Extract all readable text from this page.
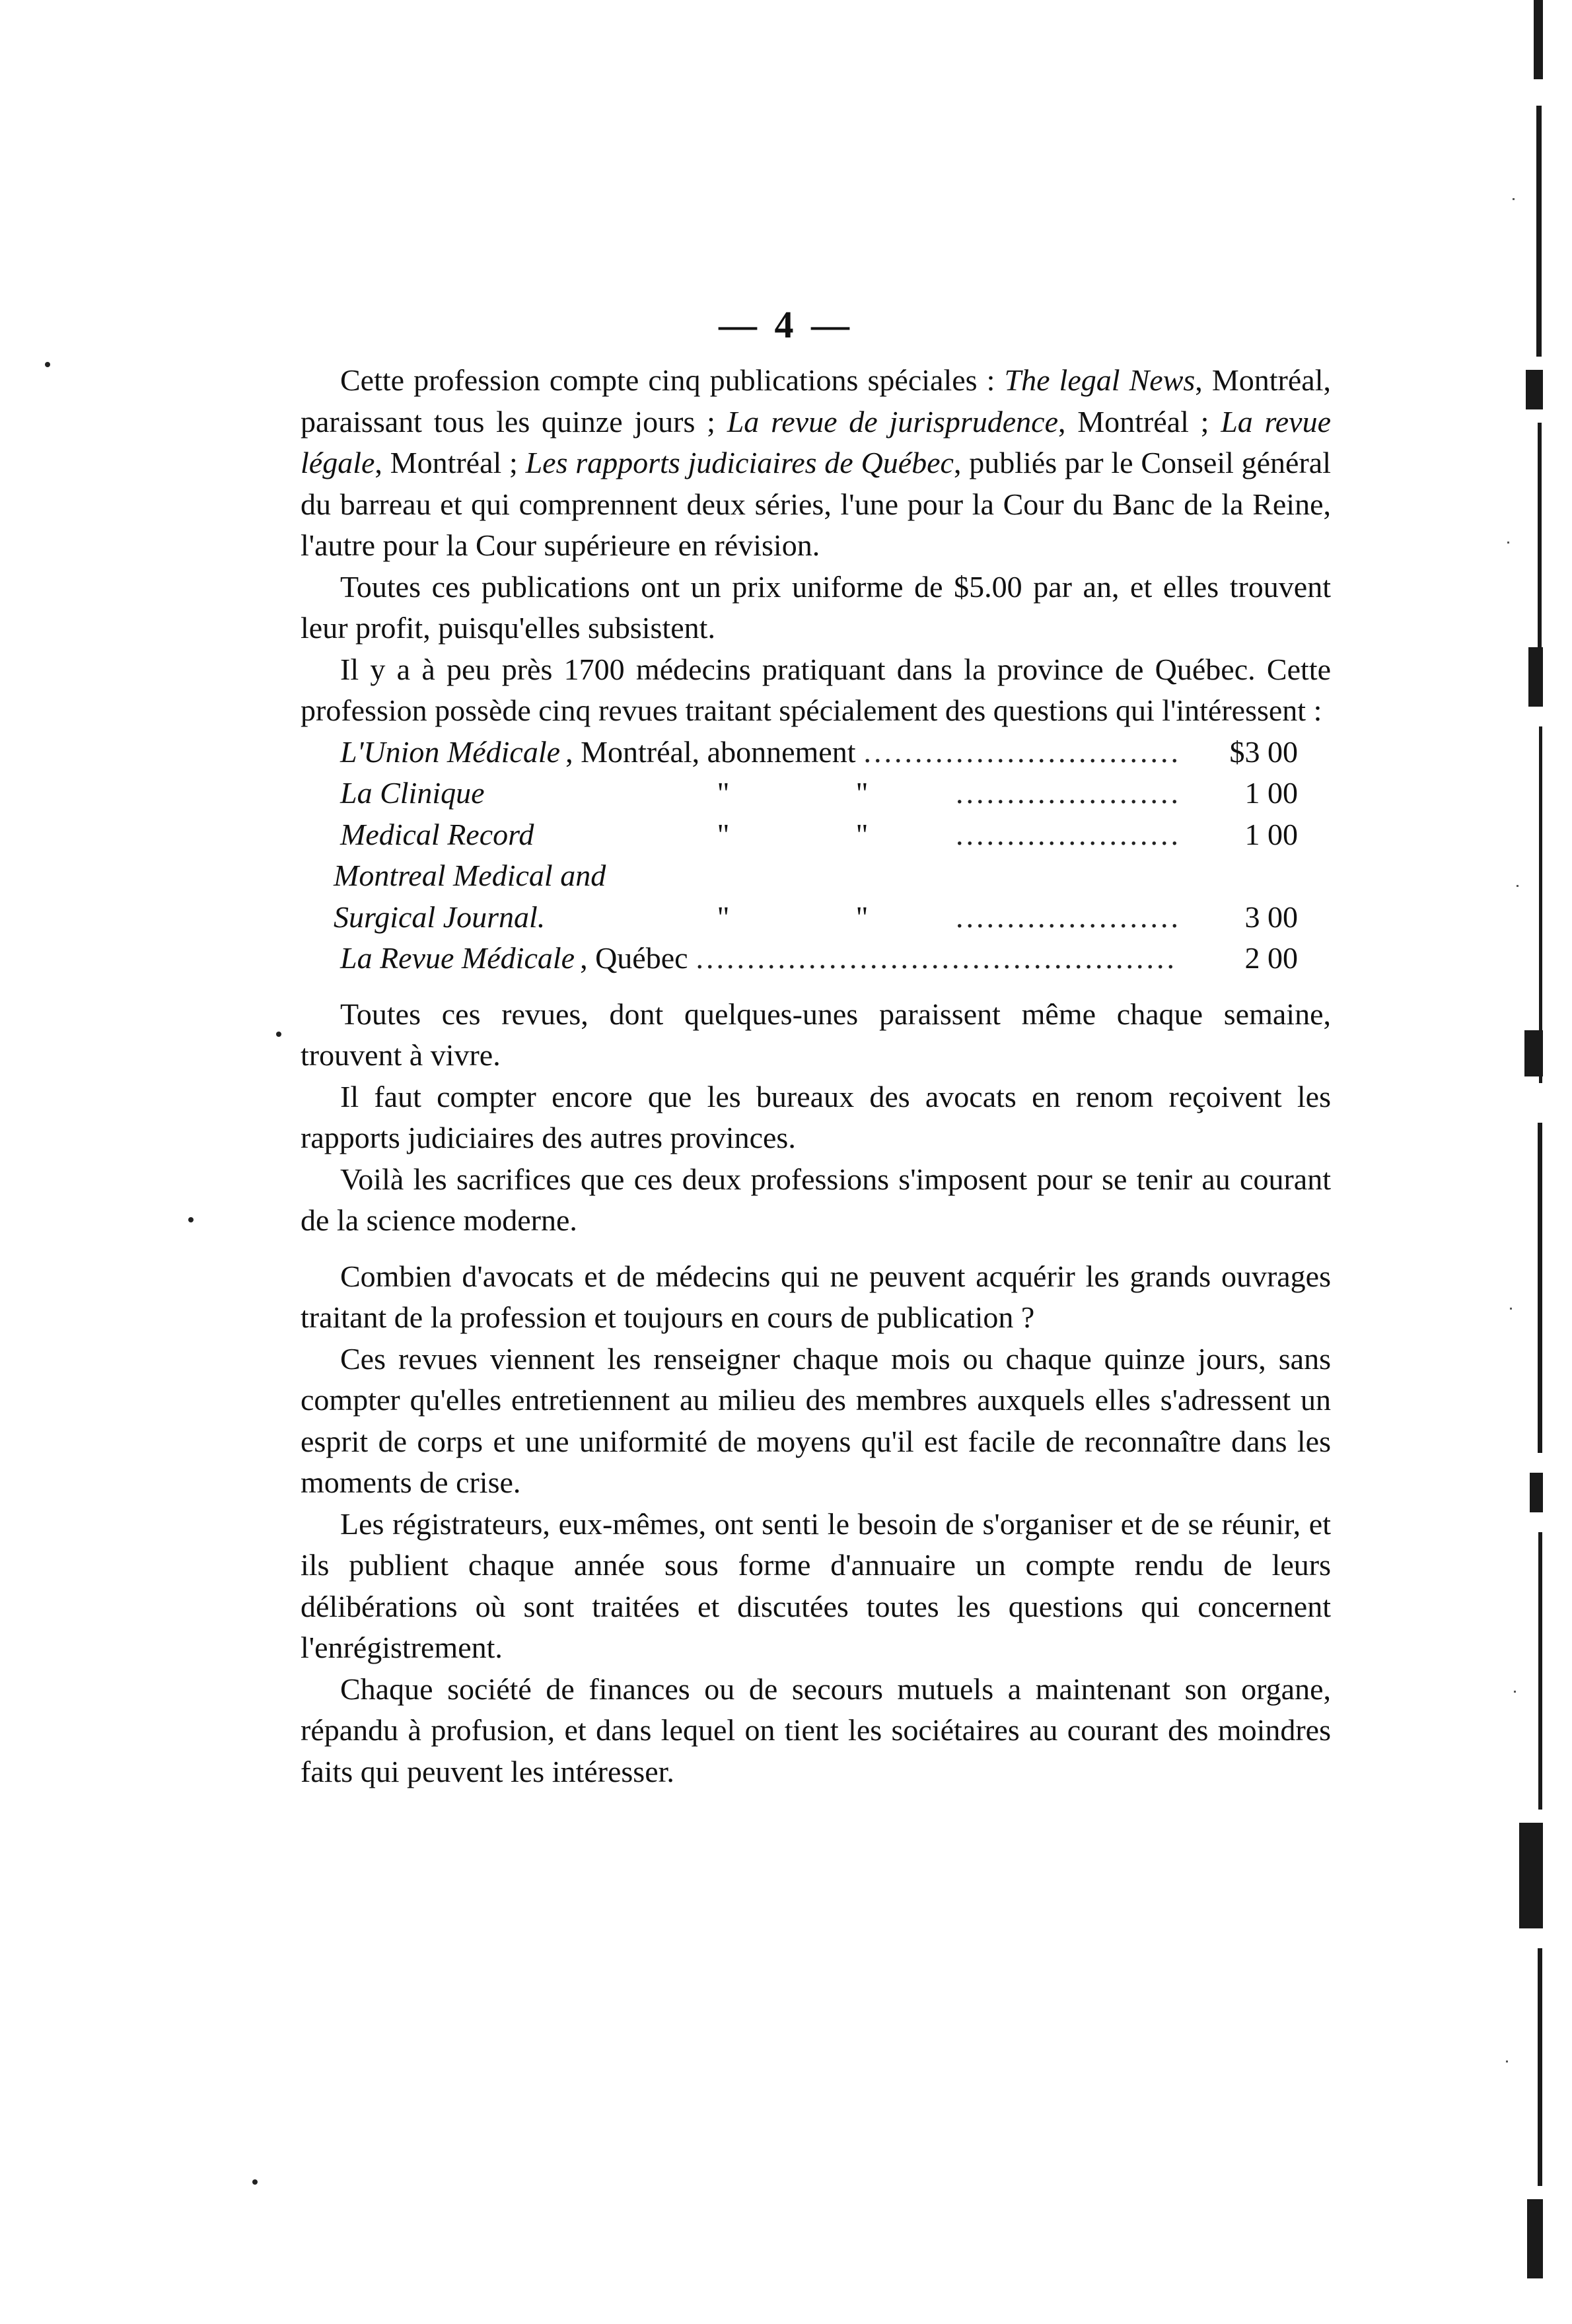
— 4 —

Cette profession compte cinq publications spéciales : The legal News, Montréal, paraissant tous les quinze jours ; La revue de jurisprudence, Montréal ; La revue légale, Montréal ; Les rapports judiciaires de Québec, publiés par le Conseil général du barreau et qui comprennent deux séries, l'une pour la Cour du Banc de la Reine, l'autre pour la Cour supérieure en révision.

Toutes ces publications ont un prix uniforme de $5.00 par an, et elles trouvent leur profit, puisqu'elles subsistent.

Il y a à peu près 1700 médecins pratiquant dans la province de Québec. Cette profession possède cinq revues traitant spécialement des questions qui l'intéressent :

L'Union Médicale , Montréal, abonnement .....	$3 00
La Clinique	"	" .....	1 00
Medical Record	"	" .....	1 00
Montreal Medical and Surgical Journal.	"	" .....	3 00
La Revue Médicale , Québec .....	2 00

Toutes ces revues, dont quelques-unes paraissent même chaque semaine, trouvent à vivre.

Il faut compter encore que les bureaux des avocats en renom reçoivent les rapports judiciaires des autres provinces.

Voilà les sacrifices que ces deux professions s'imposent pour se tenir au courant de la science moderne.

Combien d'avocats et de médecins qui ne peuvent acquérir les grands ouvrages traitant de la profession et toujours en cours de publication ?

Ces revues viennent les renseigner chaque mois ou chaque quinze jours, sans compter qu'elles entretiennent au milieu des membres auxquels elles s'adressent un esprit de corps et une uniformité de moyens qu'il est facile de reconnaître dans les moments de crise.

Les régistrateurs, eux-mêmes, ont senti le besoin de s'organiser et de se réunir, et ils publient chaque année sous forme d'annuaire un compte rendu de leurs délibérations où sont traitées et discutées toutes les questions qui concernent l'enrégistrement.

Chaque société de finances ou de secours mutuels a maintenant son organe, répandu à profusion, et dans lequel on tient les sociétaires au courant des moindres faits qui peuvent les intéresser.
